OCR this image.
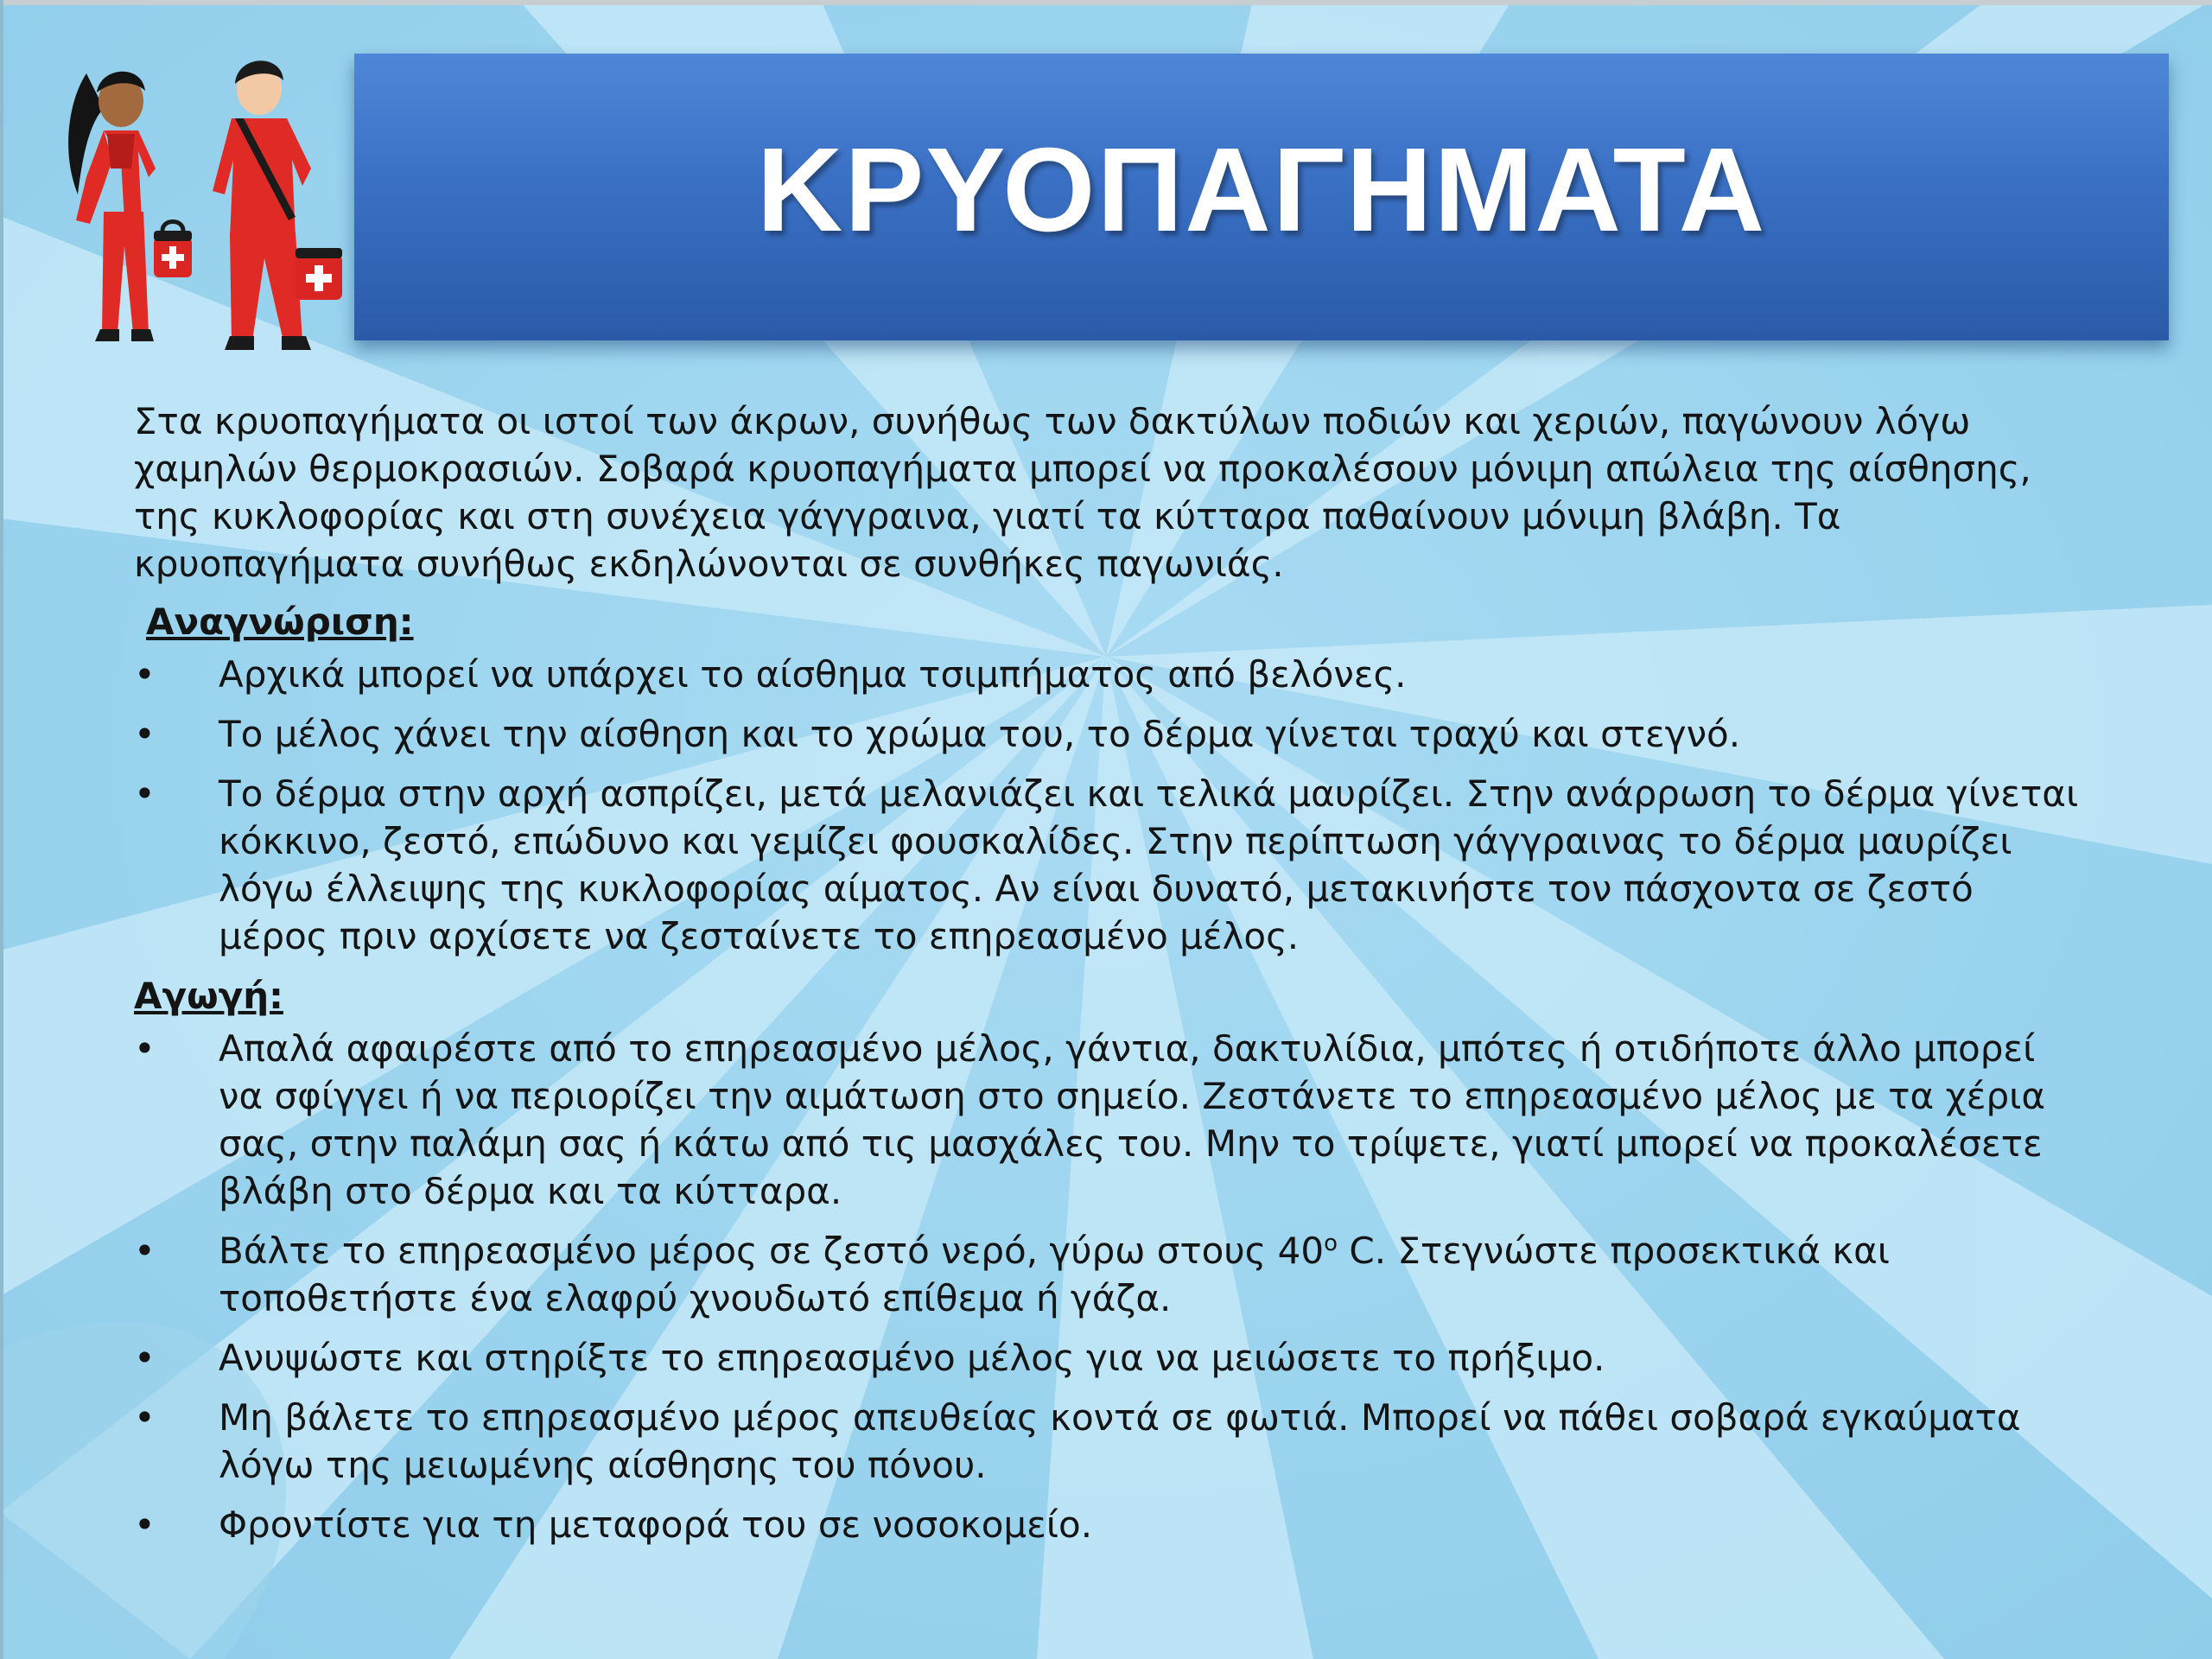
ΚΡΥΟΠΑΓΗΜΑΤΑ

Στα κρυοπαγήματα οι ιστοί των άκρων, συνήθως των δακτύλων ποδιών και χεριών, παγώνουν λόγω χαμηλών θερμοκρασιών. Σοβαρά κρυοπαγήματα μπορεί να προκαλέσουν μόνιμη απώλεια της αίσθησης, της κυκλοφορίας και στη συνέχεια γάγγραινα, γιατί τα κύτταρα παθαίνουν μόνιμη βλάβη. Τα κρυοπαγήματα συνήθως εκδηλώνονται σε συνθήκες παγωνιάς.

Αναγνώριση:
•	Αρχικά μπορεί να υπάρχει το αίσθημα τσιμπήματος από βελόνες.
•	Το μέλος χάνει την αίσθηση και το χρώμα του, το δέρμα γίνεται τραχύ και στεγνό.
•	Το δέρμα στην αρχή ασπρίζει, μετά μελανιάζει και τελικά μαυρίζει. Στην ανάρρωση το δέρμα γίνεται κόκκινο, ζεστό, επώδυνο και γεμίζει φουσκαλίδες. Στην περίπτωση γάγγραινας το δέρμα μαυρίζει λόγω έλλειψης της κυκλοφορίας αίματος. Αν είναι δυνατό, μετακινήστε τον πάσχοντα σε ζεστό μέρος πριν αρχίσετε να ζεσταίνετε το επηρεασμένο μέλος.
Αγωγή:
•	Απαλά αφαιρέστε από το επηρεασμένο μέλος, γάντια, δακτυλίδια, μπότες ή οτιδήποτε άλλο μπορεί να σφίγγει ή να περιορίζει την αιμάτωση στο σημείο. Ζεστάνετε το επηρεασμένο μέλος με τα χέρια σας, στην παλάμη σας ή κάτω από τις μασχάλες του. Μην το τρίψετε, γιατί μπορεί να προκαλέσετε βλάβη στο δέρμα και τα κύτταρα.
•	Βάλτε το επηρεασμένο μέρος σε ζεστό νερό, γύρω στους $40^o$ C. Στεγνώστε προσεκτικά και τοποθετήστε ένα ελαφρύ χνουδωτό επίθεμα ή γάζα.
•	Ανυψώστε και στηρίξτε το επηρεασμένο μέλος για να μειώσετε το πρήξιμο.
•	Μη βάλετε το επηρεασμένο μέρος απευθείας κοντά σε φωτιά. Μπορεί να πάθει σοβαρά εγκαύματα λόγω της μειωμένης αίσθησης του πόνου.
•	Φροντίστε για τη μεταφορά του σε νοσοκομείο.
